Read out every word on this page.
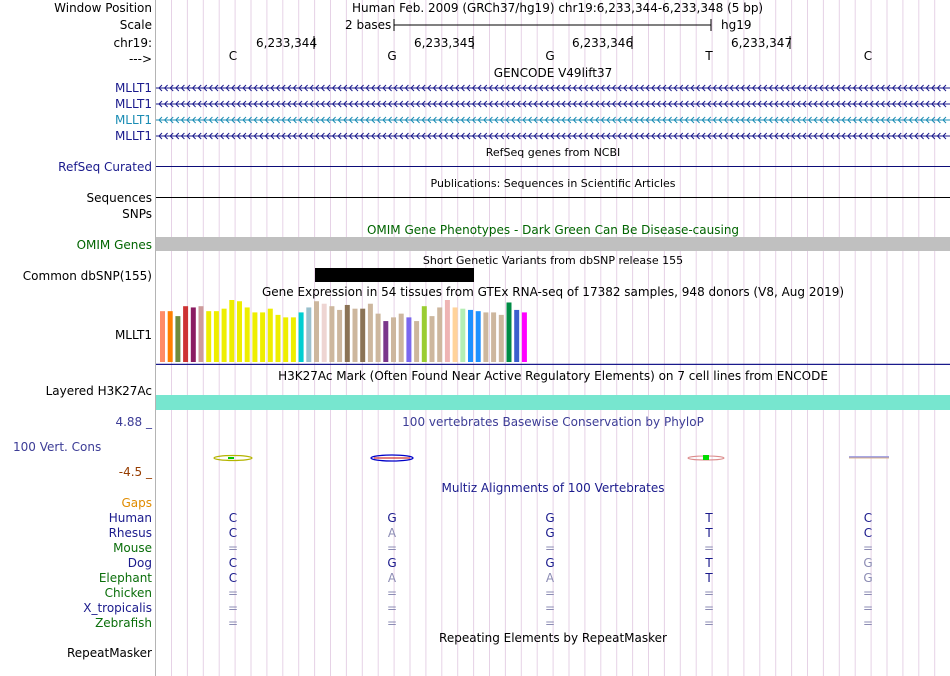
Window Position	Human Feb. 2009 (GRCh37/hg19) chr19:6,233,344-6,233,348 (5 bp)
Scale	2 bases	hg19
chr19:	6,233,344	6,233,345	6,233,346	6,233,347
--->	C	G	G	T	C
GENCODE V49lift37
MLLT1
MLLT1
MLLT1
MLLT1
RefSeq genes from NCBI
RefSeq Curated
Publications: Sequences in Scientific Articles
Sequences
SNPs
OMIM Gene Phenotypes - Dark Green Can Be Disease-causing
OMIM Genes
Short Genetic Variants from dbSNP release 155
Common dbSNP(155)
Gene Expression in 54 tissues from GTEx RNA-seq of 17382 samples, 948 donors (V8, Aug 2019)
MLLT1
H3K27Ac Mark (Often Found Near Active Regulatory Elements) on 7 cell lines from ENCODE
Layered H3K27Ac
100 vertebrates Basewise Conservation by PhyloP
4.88 _
100 Vert. Cons
-4.5 _
Multiz Alignments of 100 Vertebrates
Gaps
Human	C	G	G	T	C
Rhesus	C	A	G	T	C
Mouse	=	=	=	=	=
Dog	C	G	G	T	G
Elephant	C	A	A	T	G
Chicken	=	=	=	=	=
X_tropicalis	=	=	=	=	=
Zebrafish	=	=	=	=	=
Repeating Elements by RepeatMasker
RepeatMasker
